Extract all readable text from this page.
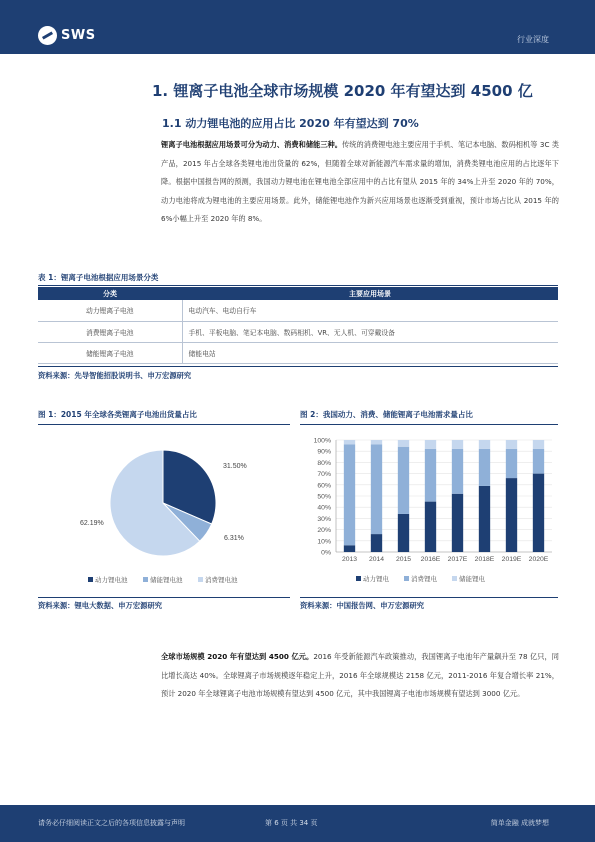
SWS	行业深度
1. 锂离子电池全球市场规模 2020 年有望达到 4500 亿
1.1 动力锂电池的应用占比 2020 年有望达到 70%
锂离子电池根据应用场景可分为动力、消费和储能三种。传统的消费锂电池主要应用于手机、笔记本电脑、数码相机等 3C 类产品，2015 年占全球各类锂电池出货量的 62%，但随着全球对新能源汽车需求量的增加，消费类锂电池应用的占比逐年下降。根据中国报告网的预测，我国动力锂电池在锂电池全部应用中的占比有望从 2015 年的 34%上升至 2020 年的 70%，动力电池将成为锂电池的主要应用场景。此外，储能锂电池作为新兴应用场景也逐渐受到重视，预计市场占比从 2015 年的 6%小幅上升至 2020 年的 8%。
表 1：锂离子电池根据应用场景分类
分类	主要应用场景
动力锂离子电池	电动汽车、电动自行车
消费锂离子电池	手机、平板电脑、笔记本电脑、数码相机、VR、无人机、可穿戴设备
储能锂离子电池	储能电站
资料来源：先导智能招股说明书、申万宏源研究
图 1：2015 年全球各类锂离子电池出货量占比	图 2：我国动力、消费、储能锂离子电池需求量占比
31.50%
6.31%
62.19%
动力锂电池	储能锂电池	消费锂电池
0%
10%
20%
30%
40%
50%
60%
70%
80%
90%
100%
2013 2014 2015 2016E 2017E 2018E 2019E 2020E
动力锂电	消费锂电	储能锂电
资料来源：锂电大数据、申万宏源研究	资料来源：中国报告网、申万宏源研究
全球市场规模 2020 年有望达到 4500 亿元。2016 年受新能源汽车政策推动，我国锂离子电池年产量飙升至 78 亿只，同比增长高达 40%。全球锂离子市场规模逐年稳定上升，2016 年全球规模达 2158 亿元，2011-2016 年复合增长率 21%，预计 2020 年全球锂离子电池市场规模有望达到 4500 亿元，其中我国锂离子电池市场规模有望达到 3000 亿元。
请务必仔细阅读正文之后的各项信息披露与声明	第 6 页 共 34 页	简单金融 成就梦想
